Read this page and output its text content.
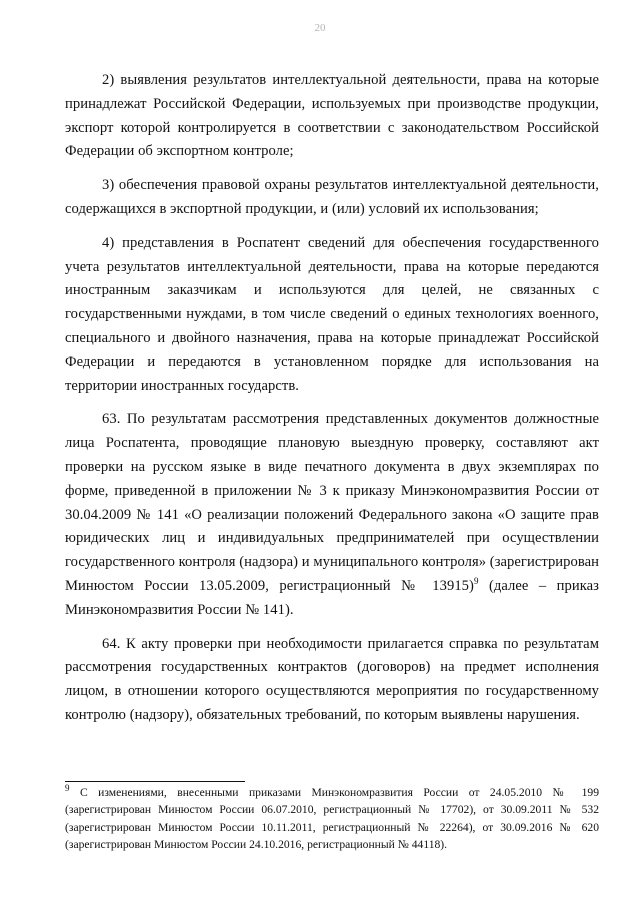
20

2) выявления результатов интеллектуальной деятельности, права на которые принадлежат Российской Федерации, используемых при производстве продукции, экспорт которой контролируется в соответствии с законодательством Российской Федерации об экспортном контроле;

3) обеспечения правовой охраны результатов интеллектуальной деятельности, содержащихся в экспортной продукции, и (или) условий их использования;

4) представления в Роспатент сведений для обеспечения государственного учета результатов интеллектуальной деятельности, права на которые передаются иностранным заказчикам и используются для целей, не связанных с государственными нуждами, в том числе сведений о единых технологиях военного, специального и двойного назначения, права на которые принадлежат Российской Федерации и передаются в установленном порядке для использования на территории иностранных государств.

63. По результатам рассмотрения представленных документов должностные лица Роспатента, проводящие плановую выездную проверку, составляют акт проверки на русском языке в виде печатного документа в двух экземплярах по форме, приведенной в приложении № 3 к приказу Минэкономразвития России от 30.04.2009 № 141 «О реализации положений Федерального закона «О защите прав юридических лиц и индивидуальных предпринимателей при осуществлении государственного контроля (надзора) и муниципального контроля» (зарегистрирован Минюстом России 13.05.2009, регистрационный № 13915)$^9$ (далее – приказ Минэкономразвития России № 141).

64. К акту проверки при необходимости прилагается справка по результатам рассмотрения государственных контрактов (договоров) на предмет исполнения лицом, в отношении которого осуществляются мероприятия по государственному контролю (надзору), обязательных требований, по которым выявлены нарушения.

$^9$ С изменениями, внесенными приказами Минэкономразвития России от 24.05.2010 № 199 (зарегистрирован Минюстом России 06.07.2010, регистрационный № 17702), от 30.09.2011 № 532 (зарегистрирован Минюстом России 10.11.2011, регистрационный № 22264), от 30.09.2016 № 620 (зарегистрирован Минюстом России 24.10.2016, регистрационный № 44118).
